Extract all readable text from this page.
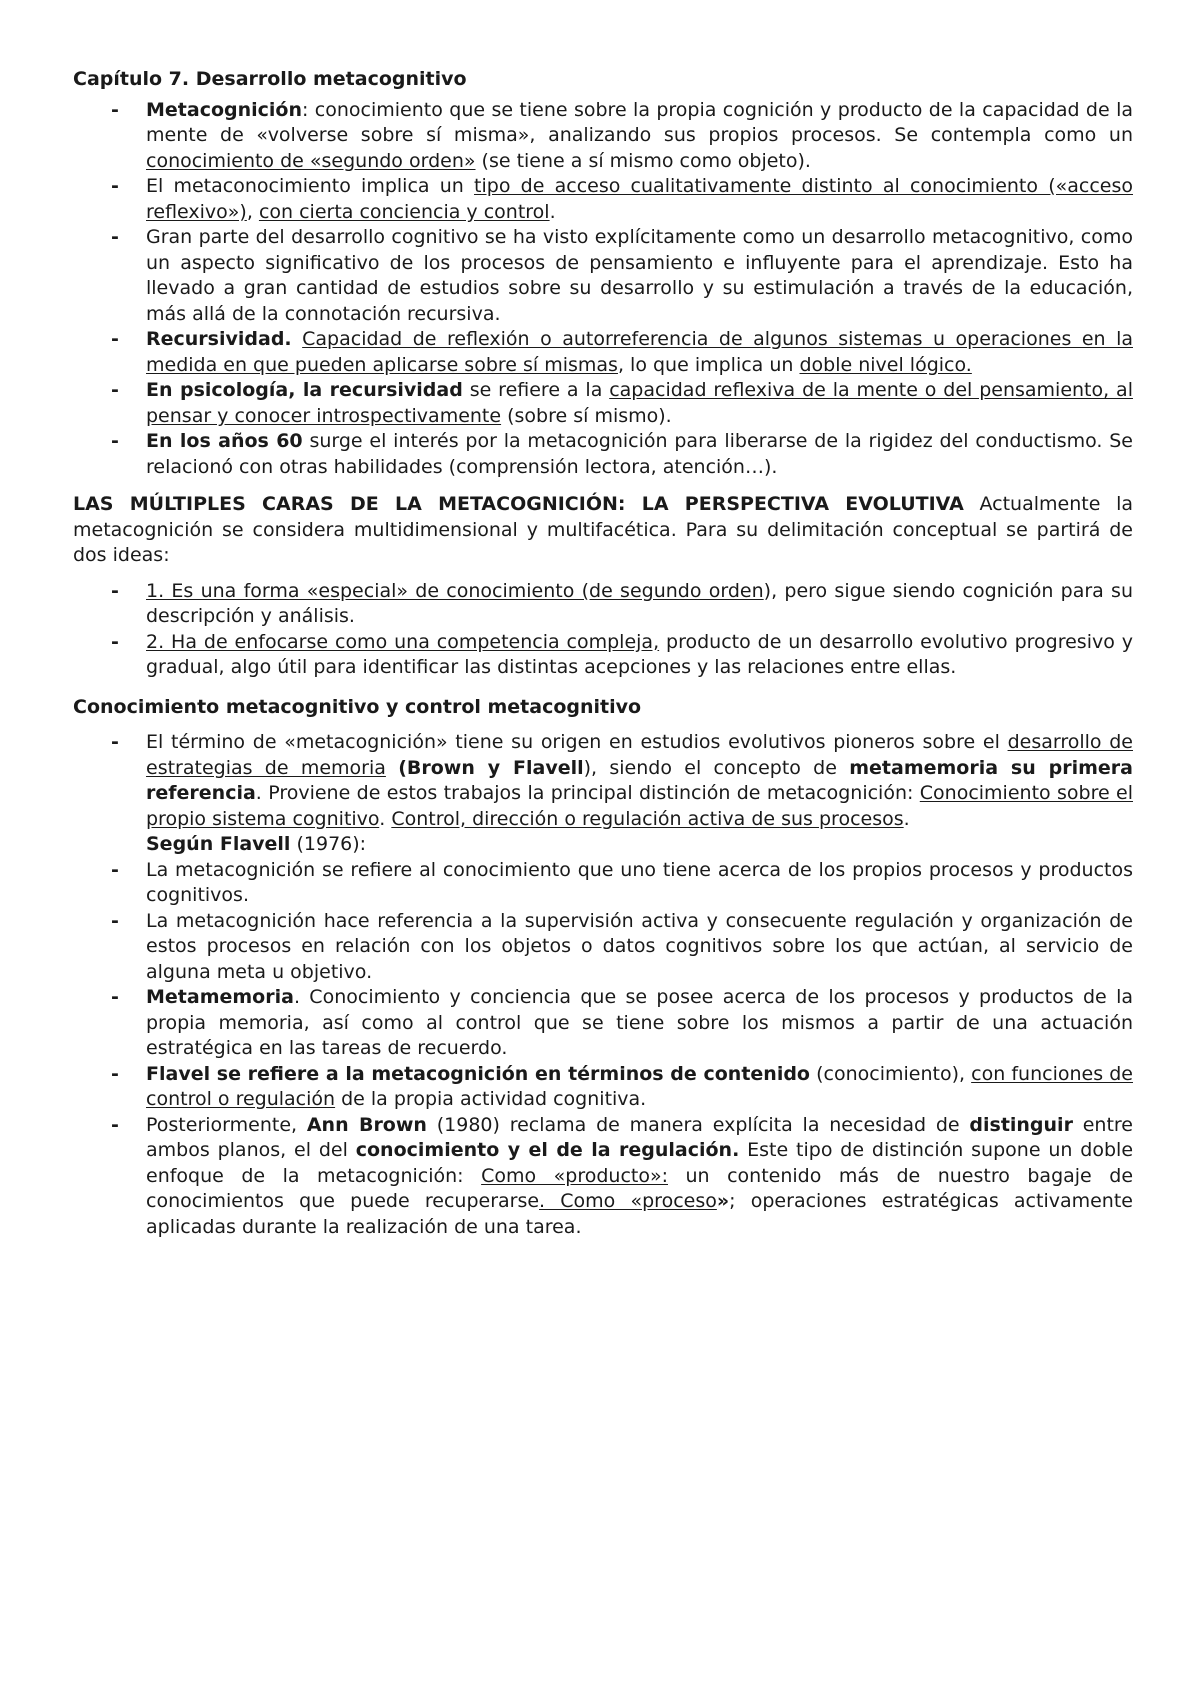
Capítulo 7. Desarrollo metacognitivo
- Metacognición: conocimiento que se tiene sobre la propia cognición y producto de la capacidad de la mente de «volverse sobre sí misma», analizando sus propios procesos. Se contempla como un conocimiento de «segundo orden» (se tiene a sí mismo como objeto).
- El metaconocimiento implica un tipo de acceso cualitativamente distinto al conocimiento («acceso reflexivo»), con cierta conciencia y control.
- Gran parte del desarrollo cognitivo se ha visto explícitamente como un desarrollo metacognitivo, como un aspecto significativo de los procesos de pensamiento e influyente para el aprendizaje. Esto ha llevado a gran cantidad de estudios sobre su desarrollo y su estimulación a través de la educación, más allá de la connotación recursiva.
- Recursividad. Capacidad de reflexión o autorreferencia de algunos sistemas u operaciones en la medida en que pueden aplicarse sobre sí mismas, lo que implica un doble nivel lógico.
- En psicología, la recursividad se refiere a la capacidad reflexiva de la mente o del pensamiento, al pensar y conocer introspectivamente (sobre sí mismo).
- En los años 60 surge el interés por la metacognición para liberarse de la rigidez del conductismo. Se relacionó con otras habilidades (comprensión lectora, atención…).

LAS MÚLTIPLES CARAS DE LA METACOGNICIÓN: LA PERSPECTIVA EVOLUTIVA Actualmente la metacognición se considera multidimensional y multifacética. Para su delimitación conceptual se partirá de dos ideas:

- 1. Es una forma «especial» de conocimiento (de segundo orden), pero sigue siendo cognición para su descripción y análisis.
- 2. Ha de enfocarse como una competencia compleja, producto de un desarrollo evolutivo progresivo y gradual, algo útil para identificar las distintas acepciones y las relaciones entre ellas.
Conocimiento metacognitivo y control metacognitivo
- El término de «metacognición» tiene su origen en estudios evolutivos pioneros sobre el desarrollo de estrategias de memoria (Brown y Flavell), siendo el concepto de metamemoria su primera referencia. Proviene de estos trabajos la principal distinción de metacognición: Conocimiento sobre el propio sistema cognitivo. Control, dirección o regulación activa de sus procesos.
Según Flavell (1976):
- La metacognición se refiere al conocimiento que uno tiene acerca de los propios procesos y productos cognitivos.
- La metacognición hace referencia a la supervisión activa y consecuente regulación y organización de estos procesos en relación con los objetos o datos cognitivos sobre los que actúan, al servicio de alguna meta u objetivo.
- Metamemoria. Conocimiento y conciencia que se posee acerca de los procesos y productos de la propia memoria, así como al control que se tiene sobre los mismos a partir de una actuación estratégica en las tareas de recuerdo.
- Flavel se refiere a la metacognición en términos de contenido (conocimiento), con funciones de control o regulación de la propia actividad cognitiva.
- Posteriormente, Ann Brown (1980) reclama de manera explícita la necesidad de distinguir entre ambos planos, el del conocimiento y el de la regulación. Este tipo de distinción supone un doble enfoque de la metacognición: Como «producto»: un contenido más de nuestro bagaje de conocimientos que puede recuperarse. Como «proceso»; operaciones estratégicas activamente aplicadas durante la realización de una tarea.
